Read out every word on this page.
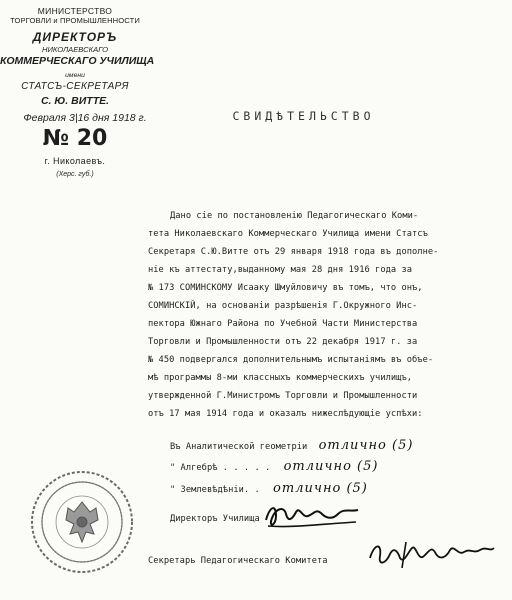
МИНИСТЕРСТВО
ТОРГОВЛИ и ПРОМЫШЛЕННОСТИ
ДИРЕКТОРЪ
НИКОЛАЕВСКАГО
КОММЕРЧЕСКАГО УЧИЛИЩА
имени
СТАТСЪ-СЕКРЕТАРЯ
С. Ю. ВИТТЕ.
Февраля 3|16 дня 1918 г.
№ 20
г. Николаевъ.
(Херс. губ.)
СВИДѢТЕЛЬСТВО
Дано сіе по постановленію Педагогическаго Коми-
тета Николаевскаго Коммерческаго Училища имени Статсъ
Секретаря С.Ю.Витте отъ 29 января 1918 года въ дополне-
ніе къ аттестату,выданному мая 28 дня 1916 года за
№ 173 СОМИНСКОМУ Исааку Шмуйловичу въ томъ, что онъ,
СОМИНСКІЙ, на основаніи разрѣшенія Г.Окружного Инс-
пектора Южнаго Района по Учебной Части Министерства
Торговли и Промышленности отъ 22 декабря 1917 г. за
№ 450 подвергался дополнительнымъ испытаніямъ въ объе-
мѣ программы 8-ми классныхъ коммерческихъ училищъ,
утвержденной Г.Министромъ Торговли и Промышленности
отъ 17 мая 1914 года и оказалъ нижеслѣдующіе успѣхи:
Въ Аналитической геометріи отлично (5)
" Алгебрѣ . . . . . отлично (5)
" Землевѣдѣніи. . отлично (5)
Директоръ Училища
Секретарь Педагогическаго Комитета
